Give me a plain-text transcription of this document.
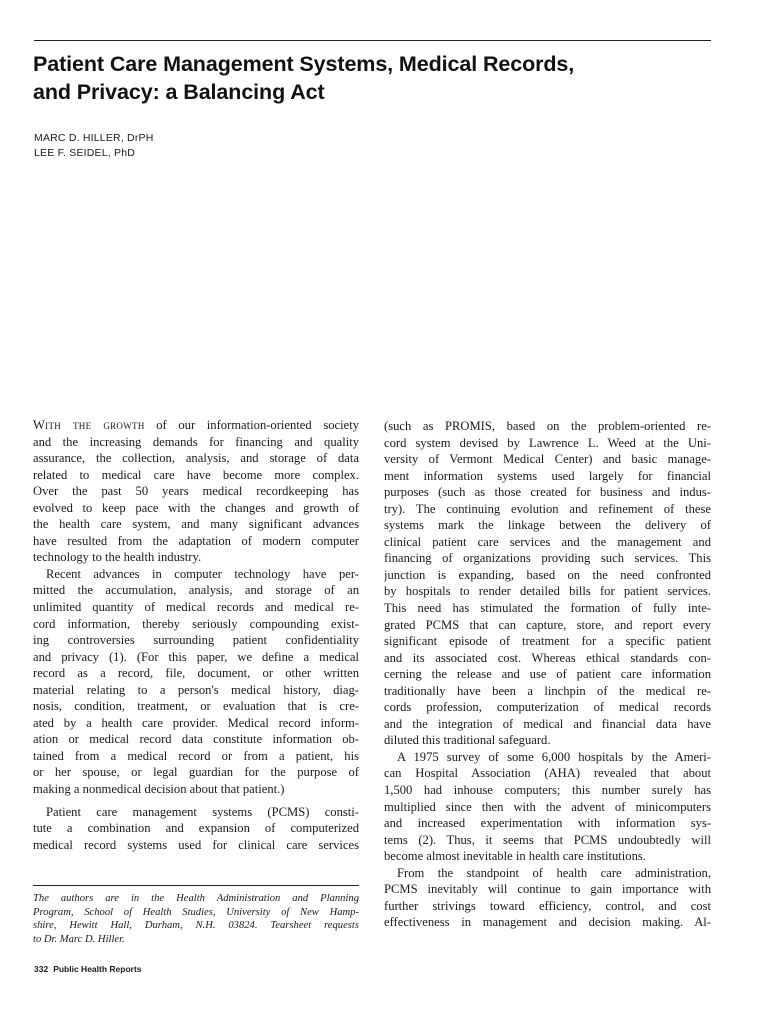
Patient Care Management Systems, Medical Records,
and Privacy: a Balancing Act
MARC D. HILLER, DrPH
LEE F. SEIDEL, PhD
With the growth of our information-oriented society
and the increasing demands for financing and quality
assurance, the collection, analysis, and storage of data
related to medical care have become more complex.
Over the past 50 years medical recordkeeping has
evolved to keep pace with the changes and growth of
the health care system, and many significant advances
have resulted from the adaptation of modern computer
technology to the health industry.
Recent advances in computer technology have per-
mitted the accumulation, analysis, and storage of an
unlimited quantity of medical records and medical re-
cord information, thereby seriously compounding exist-
ing controversies surrounding patient confidentiality
and privacy (1). (For this paper, we define a medical
record as a record, file, document, or other written
material relating to a person's medical history, diag-
nosis, condition, treatment, or evaluation that is cre-
ated by a health care provider. Medical record inform-
ation or medical record data constitute information ob-
tained from a medical record or from a patient, his
or her spouse, or legal guardian for the purpose of
making a nonmedical decision about that patient.)
Patient care management systems (PCMS) consti-
tute a combination and expansion of computerized
medical record systems used for clinical care services
The authors are in the Health Administration and Planning
Program, School of Health Studies, University of New Hamp-
shire, Hewitt Hall, Durham, N.H. 03824. Tearsheet requests
to Dr. Marc D. Hiller.
(such as PROMIS, based on the problem-oriented re-
cord system devised by Lawrence L. Weed at the Uni-
versity of Vermont Medical Center) and basic manage-
ment information systems used largely for financial
purposes (such as those created for business and indus-
try). The continuing evolution and refinement of these
systems mark the linkage between the delivery of
clinical patient care services and the management and
financing of organizations providing such services. This
junction is expanding, based on the need confronted
by hospitals to render detailed bills for patient services.
This need has stimulated the formation of fully inte-
grated PCMS that can capture, store, and report every
significant episode of treatment for a specific patient
and its associated cost. Whereas ethical standards con-
cerning the release and use of patient care information
traditionally have been a linchpin of the medical re-
cords profession, computerization of medical records
and the integration of medical and financial data have
diluted this traditional safeguard.
A 1975 survey of some 6,000 hospitals by the Ameri-
can Hospital Association (AHA) revealed that about
1,500 had inhouse computers; this number surely has
multiplied since then with the advent of minicomputers
and increased experimentation with information sys-
tems (2). Thus, it seems that PCMS undoubtedly will
become almost inevitable in health care institutions.
From the standpoint of health care administration,
PCMS inevitably will continue to gain importance with
further strivings toward efficiency, control, and cost
effectiveness in management and decision making. Al-
332 Public Health Reports
